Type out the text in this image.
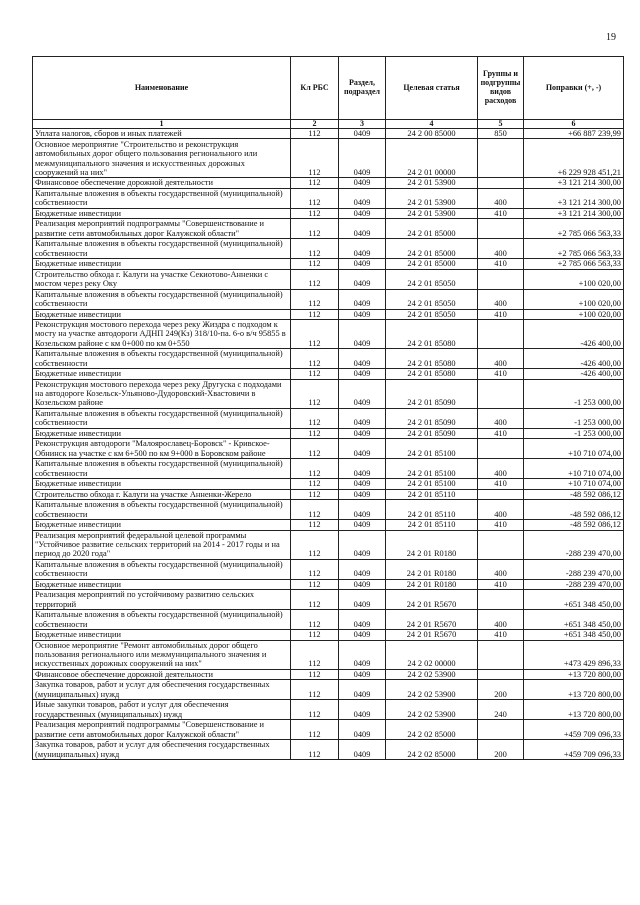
19
Наименование	Кл РБС	Раздел, подраздел	Целевая статья	Группы и подгруппы видов расходов	Поправки (+, -)
1	2	3	4	5	6
Уплата налогов, сборов и иных платежей	112	0409	24 2 00 85000	850	+66 887 239,99
Основное мероприятие "Строительство и реконструкция автомобильных дорог общего пользования регионального или межмуниципального значения и искусственных дорожных сооружений на них"	112	0409	24 2 01 00000		+6 229 928 451,21
Финансовое обеспечение дорожной деятельности	112	0409	24 2 01 53900		+3 121 214 300,00
Капитальные вложения в объекты государственной (муниципальной) собственности	112	0409	24 2 01 53900	400	+3 121 214 300,00
Бюджетные инвестиции	112	0409	24 2 01 53900	410	+3 121 214 300,00
Реализация мероприятий подпрограммы "Совершенствование и развитие сети автомобильных дорог Калужской области"	112	0409	24 2 01 85000		+2 785 066 563,33
Капитальные вложения в объекты государственной (муниципальной) собственности	112	0409	24 2 01 85000	400	+2 785 066 563,33
Бюджетные инвестиции	112	0409	24 2 01 85000	410	+2 785 066 563,33
Строительство обхода г. Калуги на участке Секиотово-Анненки с мостом через реку Оку	112	0409	24 2 01 85050		+100 020,00
Капитальные вложения в объекты государственной (муниципальной) собственности	112	0409	24 2 01 85050	400	+100 020,00
Бюджетные инвестиции	112	0409	24 2 01 85050	410	+100 020,00
Реконструкция мостового перехода через реку Жиздра с подходом к мосту на участке автодороги АДНП 249(Кз) 318/10-па. 6-о в/ч 95855 в Козельском районе с км 0+000 по км 0+550	112	0409	24 2 01 85080		-426 400,00
Капитальные вложения в объекты государственной (муниципальной) собственности	112	0409	24 2 01 85080	400	-426 400,00
Бюджетные инвестиции	112	0409	24 2 01 85080	410	-426 400,00
Реконструкция мостового перехода через реку Другуска с подходами на автодороге Козельск-Ульяново-Дудоровский-Хвастовичи в Козельском районе	112	0409	24 2 01 85090		-1 253 000,00
Капитальные вложения в объекты государственной (муниципальной) собственности	112	0409	24 2 01 85090	400	-1 253 000,00
Бюджетные инвестиции	112	0409	24 2 01 85090	410	-1 253 000,00
Реконструкция автодороги "Малоярославец-Боровск" - Кривское-Обнинск на участке с км 6+500 по км 9+000 в Боровском районе	112	0409	24 2 01 85100		+10 710 074,00
Капитальные вложения в объекты государственной (муниципальной) собственности	112	0409	24 2 01 85100	400	+10 710 074,00
Бюджетные инвестиции	112	0409	24 2 01 85100	410	+10 710 074,00
Строительство обхода г. Калуги на участке Анненки-Жерело	112	0409	24 2 01 85110		-48 592 086,12
Капитальные вложения в объекты государственной (муниципальной) собственности	112	0409	24 2 01 85110	400	-48 592 086,12
Бюджетные инвестиции	112	0409	24 2 01 85110	410	-48 592 086,12
Реализация мероприятий федеральной целевой программы "Устойчивое развитие сельских территорий на 2014 - 2017 годы и на период до 2020 года"	112	0409	24 2 01 R0180		-288 239 470,00
Капитальные вложения в объекты государственной (муниципальной) собственности	112	0409	24 2 01 R0180	400	-288 239 470,00
Бюджетные инвестиции	112	0409	24 2 01 R0180	410	-288 239 470,00
Реализация мероприятий по устойчивому развитию сельских территорий	112	0409	24 2 01 R5670		+651 348 450,00
Капитальные вложения в объекты государственной (муниципальной) собственности	112	0409	24 2 01 R5670	400	+651 348 450,00
Бюджетные инвестиции	112	0409	24 2 01 R5670	410	+651 348 450,00
Основное мероприятие "Ремонт автомобильных дорог общего пользования регионального или межмуниципального значения и искусственных дорожных сооружений на них"	112	0409	24 2 02 00000		+473 429 896,33
Финансовое обеспечение дорожной деятельности	112	0409	24 2 02 53900		+13 720 800,00
Закупка товаров, работ и услуг для обеспечения государственных (муниципальных) нужд	112	0409	24 2 02 53900	200	+13 720 800,00
Иные закупки товаров, работ и услуг для обеспечения государственных (муниципальных) нужд	112	0409	24 2 02 53900	240	+13 720 800,00
Реализация мероприятий подпрограммы "Совершенствование и развитие сети автомобильных дорог Калужской области"	112	0409	24 2 02 85000		+459 709 096,33
Закупка товаров, работ и услуг для обеспечения государственных (муниципальных) нужд	112	0409	24 2 02 85000	200	+459 709 096,33
